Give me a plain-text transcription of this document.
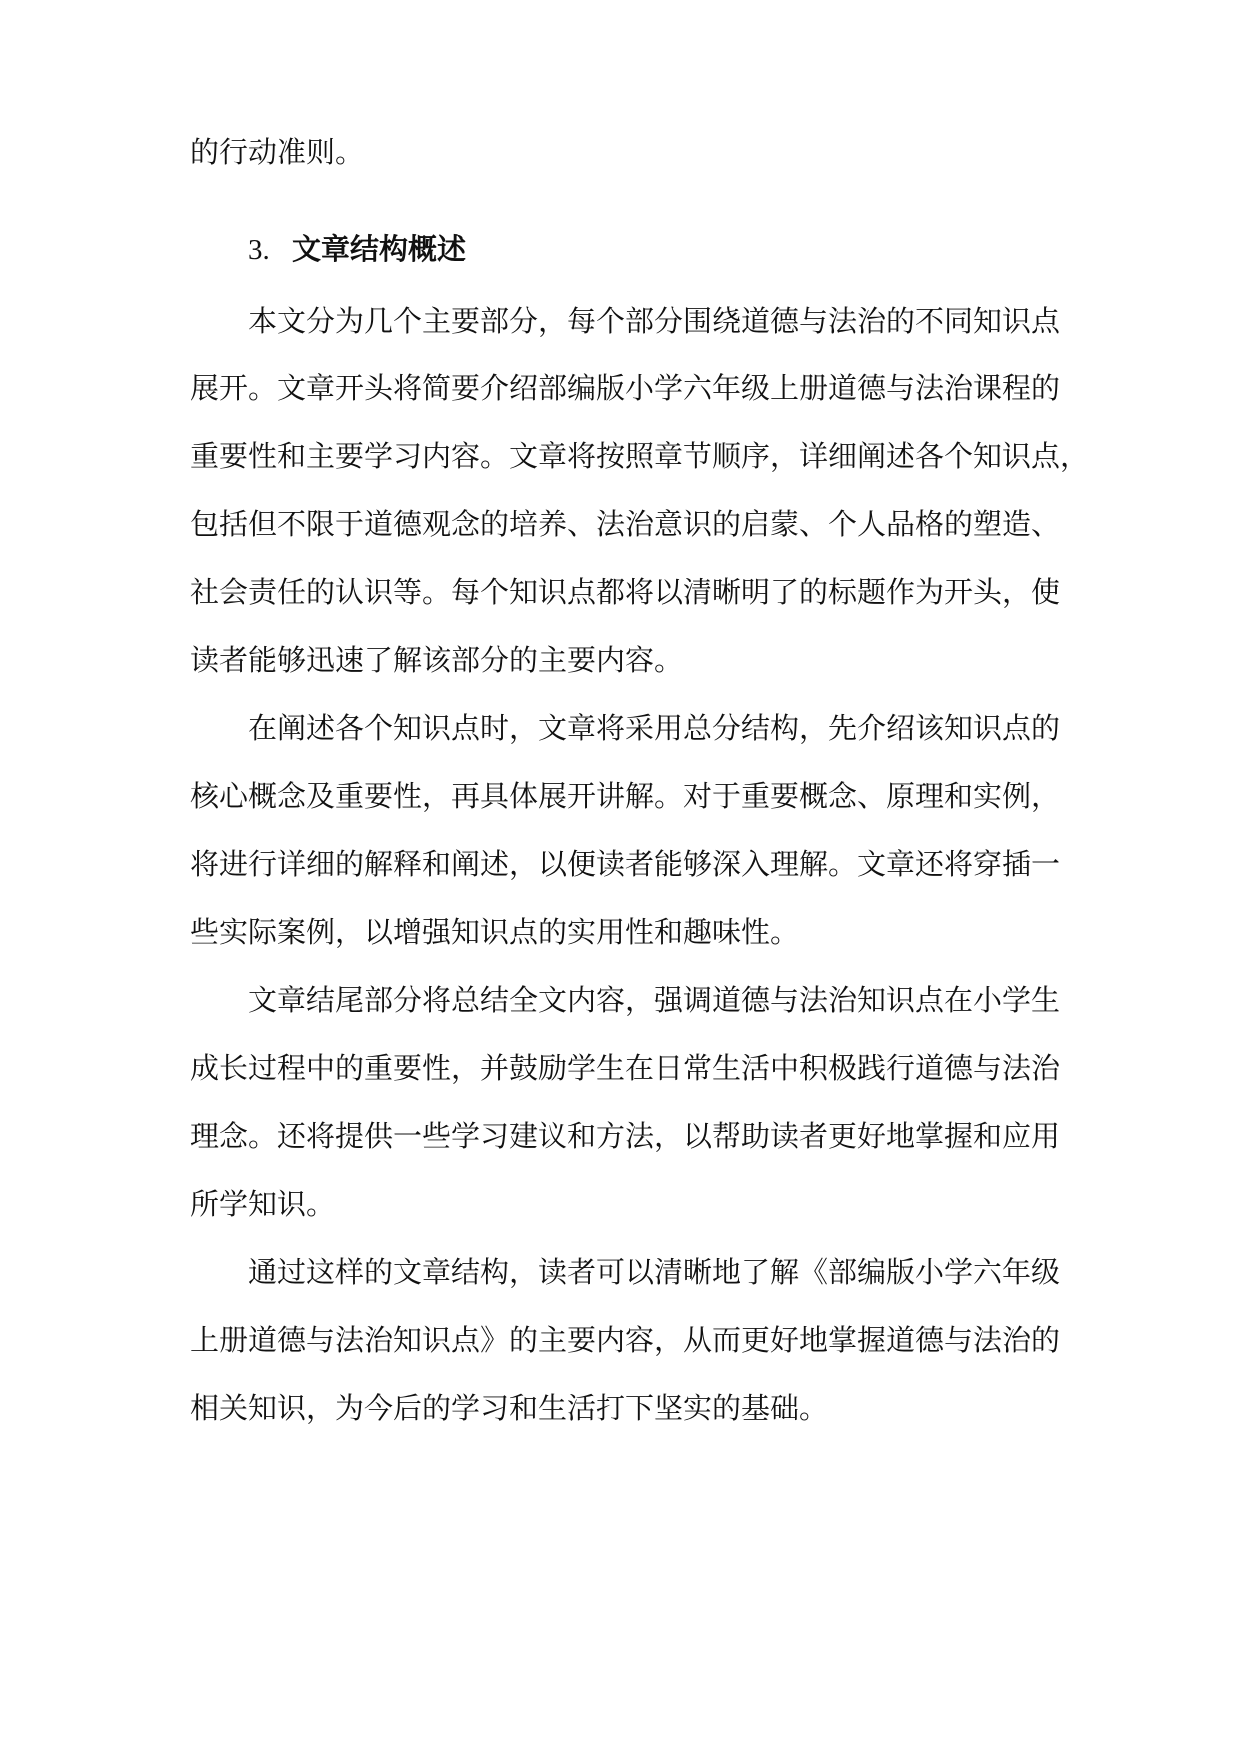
的行动准则。
3. 文章结构概述
本文分为几个主要部分，每个部分围绕道德与法治的不同知识点
展开。文章开头将简要介绍部编版小学六年级上册道德与法治课程的
重要性和主要学习内容。文章将按照章节顺序，详细阐述各个知识点，
包括但不限于道德观念的培养、法治意识的启蒙、个人品格的塑造、
社会责任的认识等。每个知识点都将以清晰明了的标题作为开头，使
读者能够迅速了解该部分的主要内容。
在阐述各个知识点时，文章将采用总分结构，先介绍该知识点的
核心概念及重要性，再具体展开讲解。对于重要概念、原理和实例，
将进行详细的解释和阐述，以便读者能够深入理解。文章还将穿插一
些实际案例，以增强知识点的实用性和趣味性。
文章结尾部分将总结全文内容，强调道德与法治知识点在小学生
成长过程中的重要性，并鼓励学生在日常生活中积极践行道德与法治
理念。还将提供一些学习建议和方法，以帮助读者更好地掌握和应用
所学知识。
通过这样的文章结构，读者可以清晰地了解《部编版小学六年级
上册道德与法治知识点》的主要内容，从而更好地掌握道德与法治的
相关知识，为今后的学习和生活打下坚实的基础。
